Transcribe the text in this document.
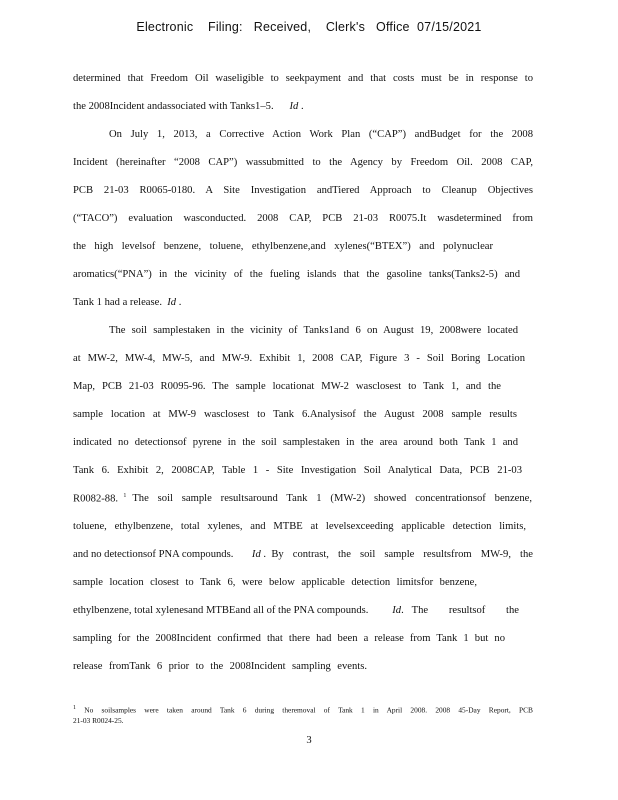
Electronic    Filing:   Received,    Clerk's   Office  07/15/2021
determined that Freedom Oil waseligible to seekpayment and that costs must be in response to
the 2008Incident andassociated with Tanks1–5. Id .
On July 1, 2013, a Corrective Action Work Plan (“CAP”) andBudget for the 2008
Incident (hereinafter “2008 CAP”) wassubmitted to the Agency by Freedom Oil. 2008 CAP,
PCB 21-03 R0065-0180. A Site Investigation andTiered Approach to Cleanup Objectives
(“TACO”) evaluation wasconducted. 2008 CAP, PCB 21-03 R0075.It wasdetermined from
the high levelsof benzene, toluene, ethylbenzene,and xylenes(“BTEX”) and polynuclear
aromatics(“PNA”) in the vicinity of the fueling islands that the gasoline tanks(Tanks2-5) and
Tank 1 had a release. Id .
The soil samplestaken in the vicinity of Tanks1and 6 on August 19, 2008were located
at MW-2, MW-4, MW-5, and MW-9. Exhibit 1, 2008 CAP, Figure 3 - Soil Boring Location
Map, PCB 21-03 R0095-96. The sample locationat MW-2 wasclosest to Tank 1, and the
sample location at MW-9 wasclosest to Tank 6.Analysisof the August 2008 sample results
indicated no detectionsof pyrene in the soil samplestaken in the area around both Tank 1 and
Tank 6. Exhibit 2, 2008CAP, Table 1 - Site Investigation Soil Analytical Data, PCB 21-03
R0082-88. $^1$ The soil sample resultsaround Tank 1 (MW-2) showed concentrationsof benzene,
toluene, ethylbenzene, total xylenes, and MTBE at levelsexceeding applicable detection limits,
and no detectionsof PNA compounds.	Id . By contrast, the soil sample resultsfrom MW-9, the
sample location closest to Tank 6, were below applicable detection limitsfor benzene,
ethylbenzene, total xylenesand MTBEand all of the PNA compounds.	Id. The resultsof the
sampling for the 2008Incident confirmed that there had been a release from Tank 1 but no
release fromTank 6 prior to the 2008Incident sampling events.
$^1$ No soilsamples were taken around Tank 6 during theremoval of Tank 1 in April 2008. 2008 45-Day Report, PCB
21-03 R0024-25.
3
